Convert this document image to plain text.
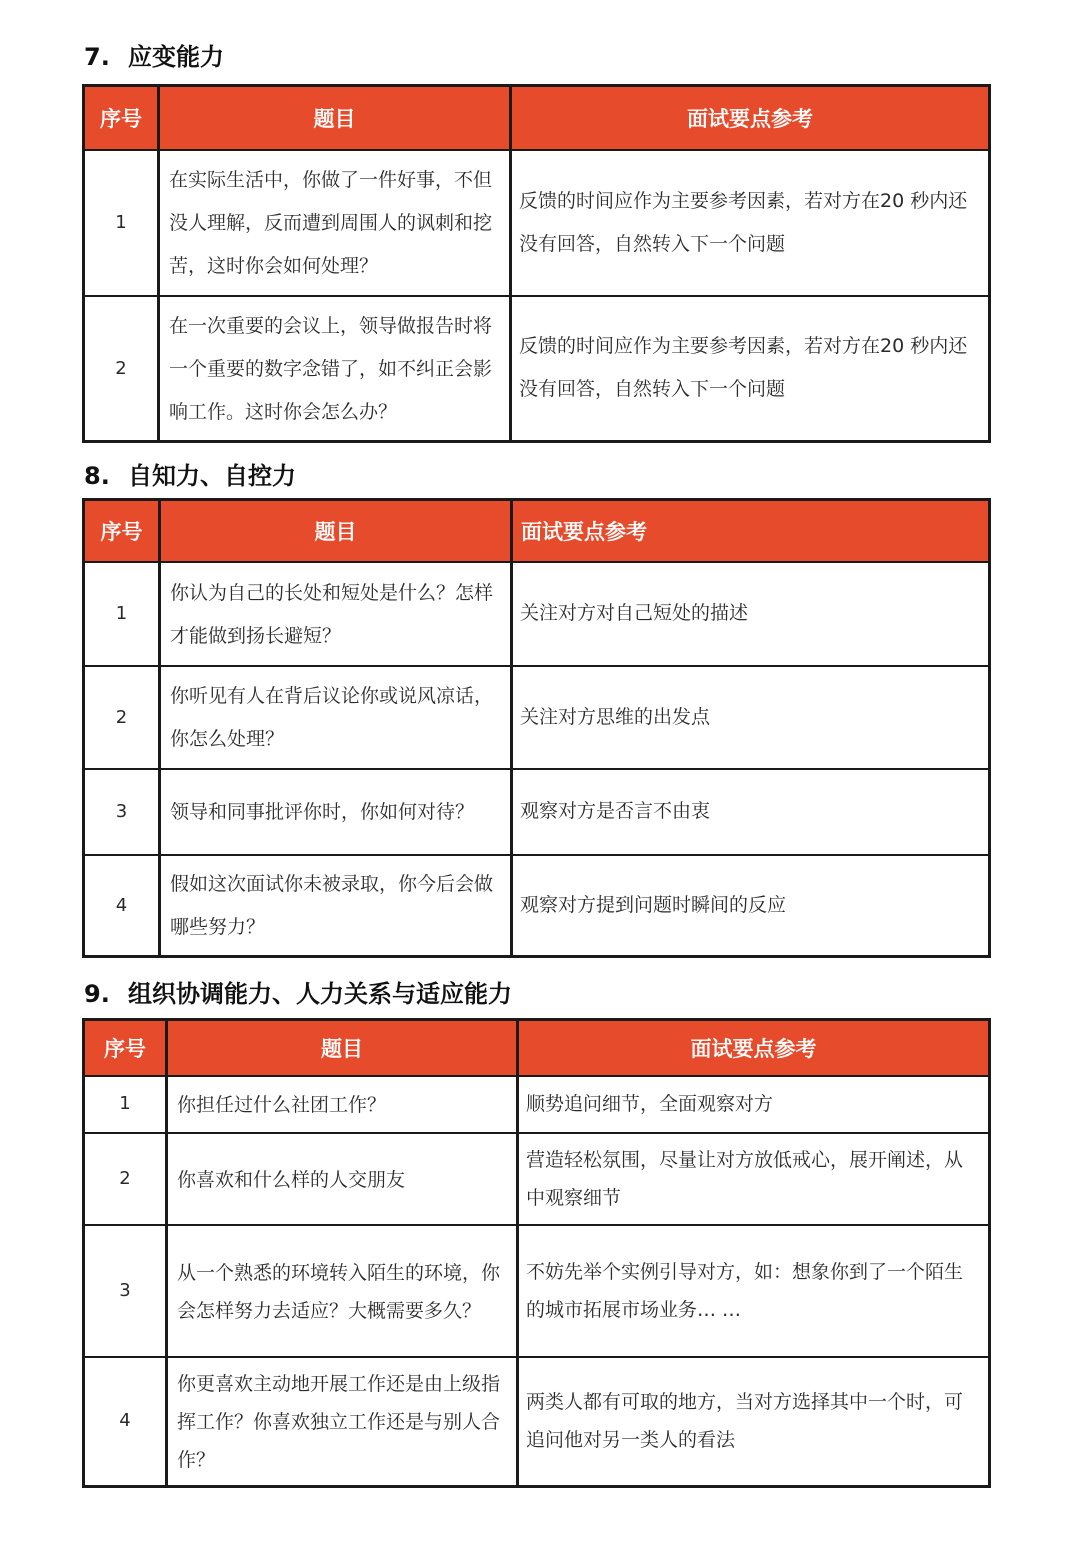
7. 应变能力
序号	题目	面试要点参考
1	在实际生活中，你做了一件好事，不但没人理解，反而遭到周围人的讽刺和挖苦，这时你会如何处理？	反馈的时间应作为主要参考因素，若对方在20 秒内还没有回答，自然转入下一个问题
2	在一次重要的会议上，领导做报告时将一个重要的数字念错了，如不纠正会影响工作。这时你会怎么办？	反馈的时间应作为主要参考因素，若对方在20 秒内还没有回答，自然转入下一个问题
8. 自知力、自控力
序号	题目	面试要点参考
1	你认为自己的长处和短处是什么？怎样才能做到扬长避短？	关注对方对自己短处的描述
2	你听见有人在背后议论你或说风凉话，你怎么处理？	关注对方思维的出发点
3	领导和同事批评你时，你如何对待？	观察对方是否言不由衷
4	假如这次面试你未被录取，你今后会做哪些努力？	观察对方提到问题时瞬间的反应
9. 组织协调能力、人力关系与适应能力
序号	题目	面试要点参考
1	你担任过什么社团工作？	顺势追问细节，全面观察对方
2	你喜欢和什么样的人交朋友	营造轻松氛围，尽量让对方放低戒心，展开阐述，从中观察细节
3	从一个熟悉的环境转入陌生的环境，你会怎样努力去适应？大概需要多久？	不妨先举个实例引导对方，如：想象你到了一个陌生的城市拓展市场业务… …
4	你更喜欢主动地开展工作还是由上级指挥工作？你喜欢独立工作还是与别人合作？	两类人都有可取的地方，当对方选择其中一个时，可追问他对另一类人的看法
